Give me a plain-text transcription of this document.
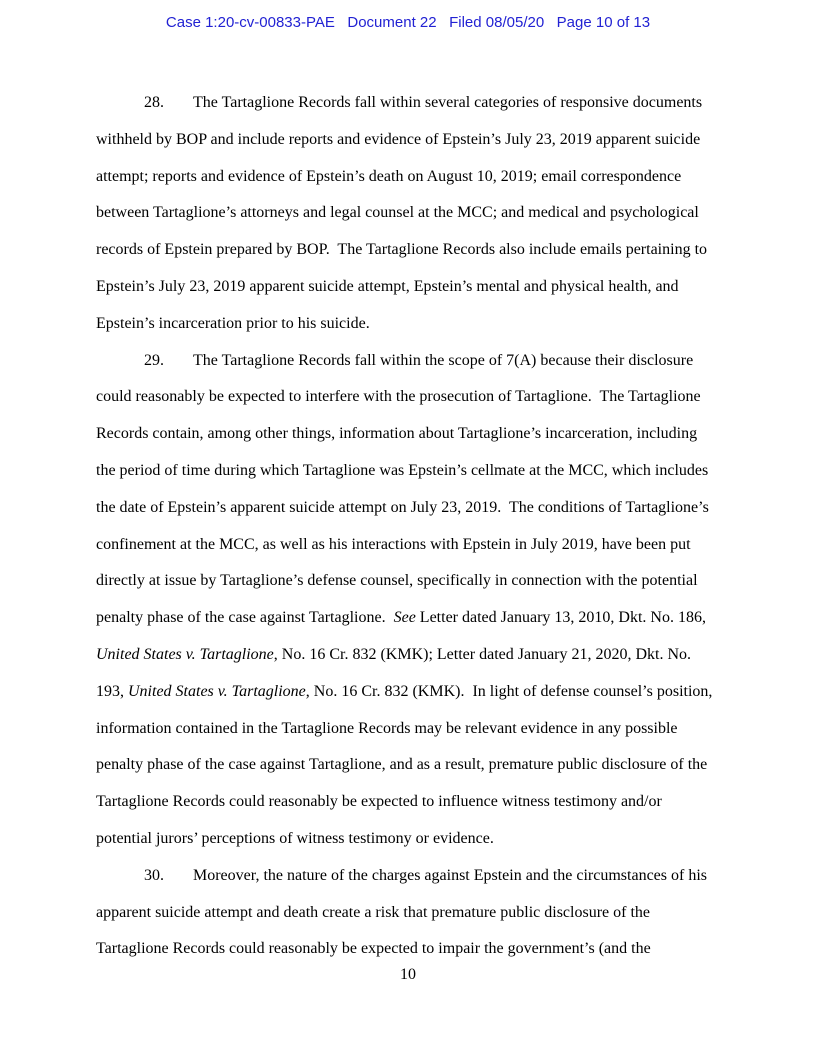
Case 1:20-cv-00833-PAE   Document 22   Filed 08/05/20   Page 10 of 13
28. The Tartaglione Records fall within several categories of responsive documents
withheld by BOP and include reports and evidence of Epstein’s July 23, 2019 apparent suicide
attempt; reports and evidence of Epstein’s death on August 10, 2019; email correspondence
between Tartaglione’s attorneys and legal counsel at the MCC; and medical and psychological
records of Epstein prepared by BOP.  The Tartaglione Records also include emails pertaining to
Epstein’s July 23, 2019 apparent suicide attempt, Epstein’s mental and physical health, and
Epstein’s incarceration prior to his suicide.
29. The Tartaglione Records fall within the scope of 7(A) because their disclosure
could reasonably be expected to interfere with the prosecution of Tartaglione.  The Tartaglione
Records contain, among other things, information about Tartaglione’s incarceration, including
the period of time during which Tartaglione was Epstein’s cellmate at the MCC, which includes
the date of Epstein’s apparent suicide attempt on July 23, 2019.  The conditions of Tartaglione’s
confinement at the MCC, as well as his interactions with Epstein in July 2019, have been put
directly at issue by Tartaglione’s defense counsel, specifically in connection with the potential
penalty phase of the case against Tartaglione.  See Letter dated January 13, 2010, Dkt. No. 186,
United States v. Tartaglione, No. 16 Cr. 832 (KMK); Letter dated January 21, 2020, Dkt. No.
193, United States v. Tartaglione, No. 16 Cr. 832 (KMK).  In light of defense counsel’s position,
information contained in the Tartaglione Records may be relevant evidence in any possible
penalty phase of the case against Tartaglione, and as a result, premature public disclosure of the
Tartaglione Records could reasonably be expected to influence witness testimony and/or
potential jurors’ perceptions of witness testimony or evidence.
30. Moreover, the nature of the charges against Epstein and the circumstances of his
apparent suicide attempt and death create a risk that premature public disclosure of the
Tartaglione Records could reasonably be expected to impair the government’s (and the
10
